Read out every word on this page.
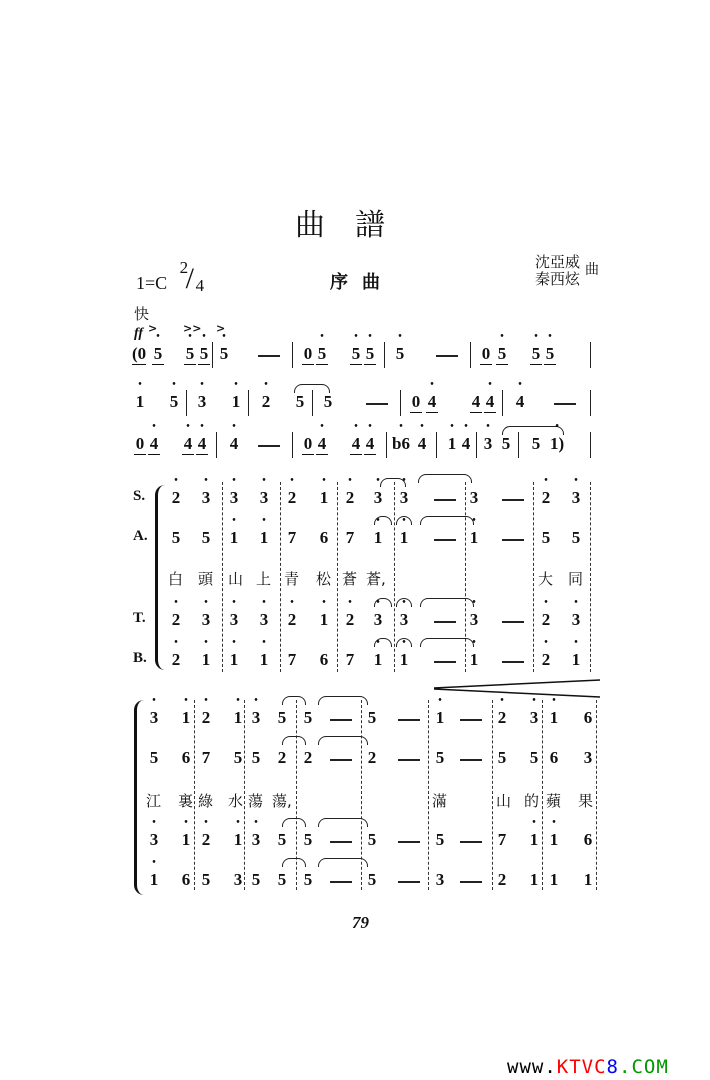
曲譜
1=C
2
/ 4	序曲
沈亞威
秦西炫 曲
快
ff > >> >
(0 • 5 • 5 • 5 • 5	0 • 5 • 5 • 5 • 5	0 • 5 • 5 • 5
• 1 • 5 • 3 • 1 • 2 5 5	0 • 4 4 • 4 • 4
0 • 4 • 4 • 4 • 4	0 • 4 • 4 • 4 • b6 • 4 • 1 • 4 • 3 5 5 • 1)
S.
A.
T.
B.
• 2 • 3 • 3 • 3 • 2 • 1 • 2 • 3 • 3	3	• 2 • 3
5 5 • 1 • 1 7 6 7 • 1 • 1	• 1	5 5
白 頭 山 上 青 松 蒼 蒼,	大 同
• 2 • 3 • 3 • 3 • 2 • 1 • 2 • 3 • 3	• 3	• 2 • 3
• 2 • 1 • 1 • 1 7 6 7 • 1 • 1	• 1	• 2 • 1
• 3 • 1 • 2 • 1 • 3 5 5	5	• 1	• 2 • 3 • 1 6
5 6 7 5 5 2 2	2	5	5 5 6 3
江 裏 綠 水 蕩 蕩,	滿	山 的 蘋 果
• 3 • 1 • 2 • 1 • 3 5 5	5	5	7 • 1 • 1 6
• 1 6 5 3 5 5 5	5	3	2 1 1 1
79
www.KTVC8.COM
